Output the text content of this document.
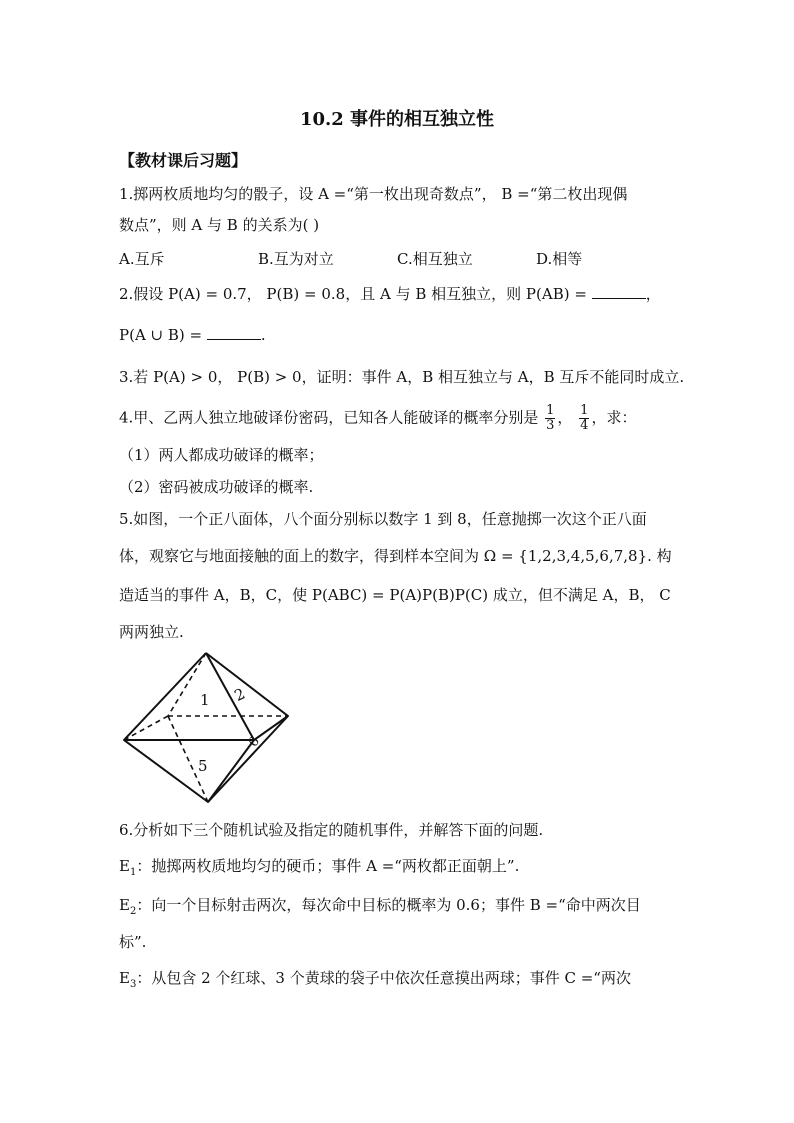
10.2 事件的相互独立性
【教材课后习题】
1.掷两枚质地均匀的骰子，设 A =“第一枚出现奇数点”， B =“第二枚出现偶
数点”，则 A 与 B 的关系为( )
A.互斥	B.互为对立	C.相互独立	D.相等
2.假设 P(A) = 0.7， P(B) = 0.8，且 A 与 B 相互独立，则 P(AB) =	，
P(A ∪ B) =	.
3.若 P(A) > 0， P(B) > 0，证明：事件 A，B 相互独立与 A，B 互斥不能同时成立.
4.甲、乙两人独立地破译份密码，已知各人能破译的概率分别是 $\frac{1}{3}$ ， $\frac{1}{4}$ ，求：
（1）两人都成功破译的概率；
（2）密码被成功破译的概率.
5.如图，一个正八面体，八个面分别标以数字 1 到 8，任意抛掷一次这个正八面
体，观察它与地面接触的面上的数字，得到样本空间为 Ω = {1,2,3,4,5,6,7,8}. 构
造适当的事件 A，B，C，使 P(ABC) = P(A)P(B)P(C) 成立，但不满足 A，B， C
两两独立.
1 2
5
6
6.分析如下三个随机试验及指定的随机事件，并解答下面的问题.
$E_1$：抛掷两枚质地均匀的硬币；事件 A =“两枚都正面朝上”.
$E_2$：向一个目标射击两次，每次命中目标的概率为 0.6；事件 B =“命中两次目
标”.
$E_3$：从包含 2 个红球、3 个黄球的袋子中依次任意摸出两球；事件 C =“两次
